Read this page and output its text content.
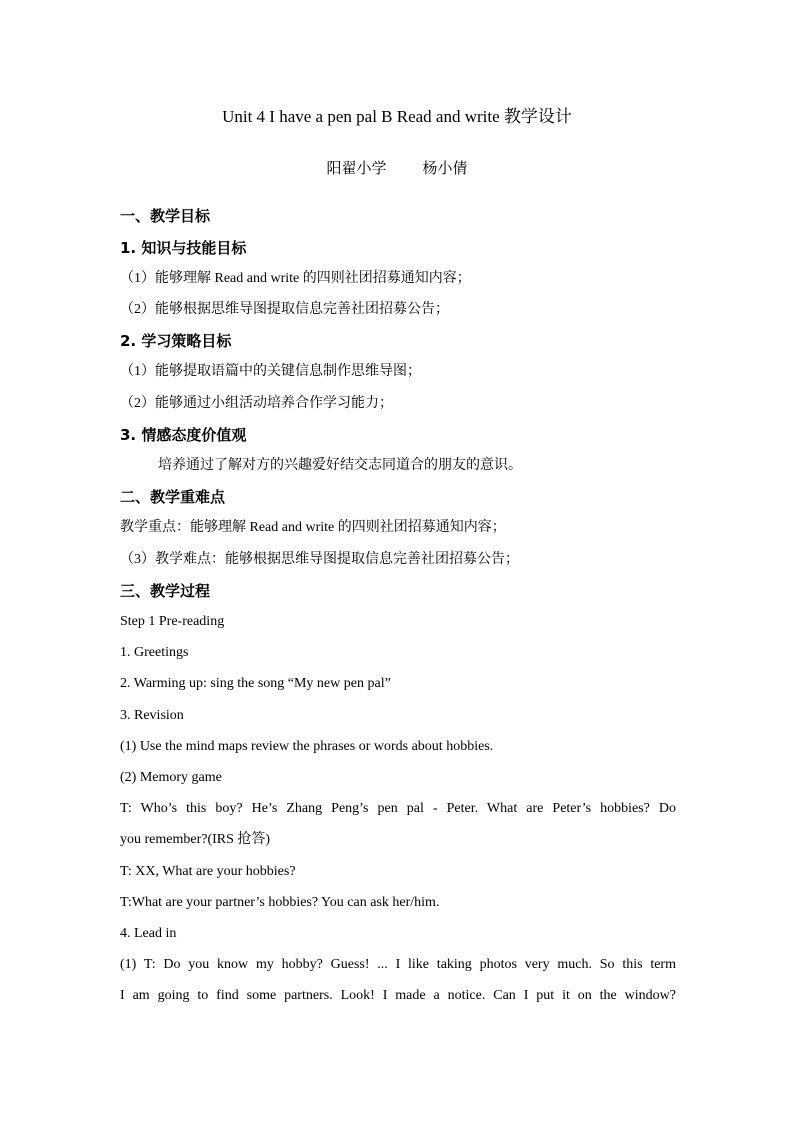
Unit 4 I have a pen pal B Read and write 教学设计
阳翟小学 杨小倩
一、教学目标
1. 知识与技能目标
（1）能够理解 Read and write 的四则社团招募通知内容；
（2）能够根据思维导图提取信息完善社团招募公告；
2. 学习策略目标
（1）能够提取语篇中的关键信息制作思维导图；
（2）能够通过小组活动培养合作学习能力；
3. 情感态度价值观
培养通过了解对方的兴趣爱好结交志同道合的朋友的意识。
二、教学重难点
教学重点：能够理解 Read and write 的四则社团招募通知内容；
（3）教学难点：能够根据思维导图提取信息完善社团招募公告；
三、教学过程
Step 1 Pre-reading
1. Greetings
2. Warming up: sing the song “My new pen pal”
3. Revision
(1) Use the mind maps review the phrases or words about hobbies.
(2) Memory game
T: Who’s this boy? He’s Zhang Peng’s pen pal - Peter. What are Peter’s hobbies? Do
you remember?(IRS 抢答)
T: XX, What are your hobbies?
T:What are your partner’s hobbies? You can ask her/him.
4. Lead in
(1) T: Do you know my hobby? Guess! ... I like taking photos very much. So this term
I am going to find some partners. Look! I made a notice. Can I put it on the window?
